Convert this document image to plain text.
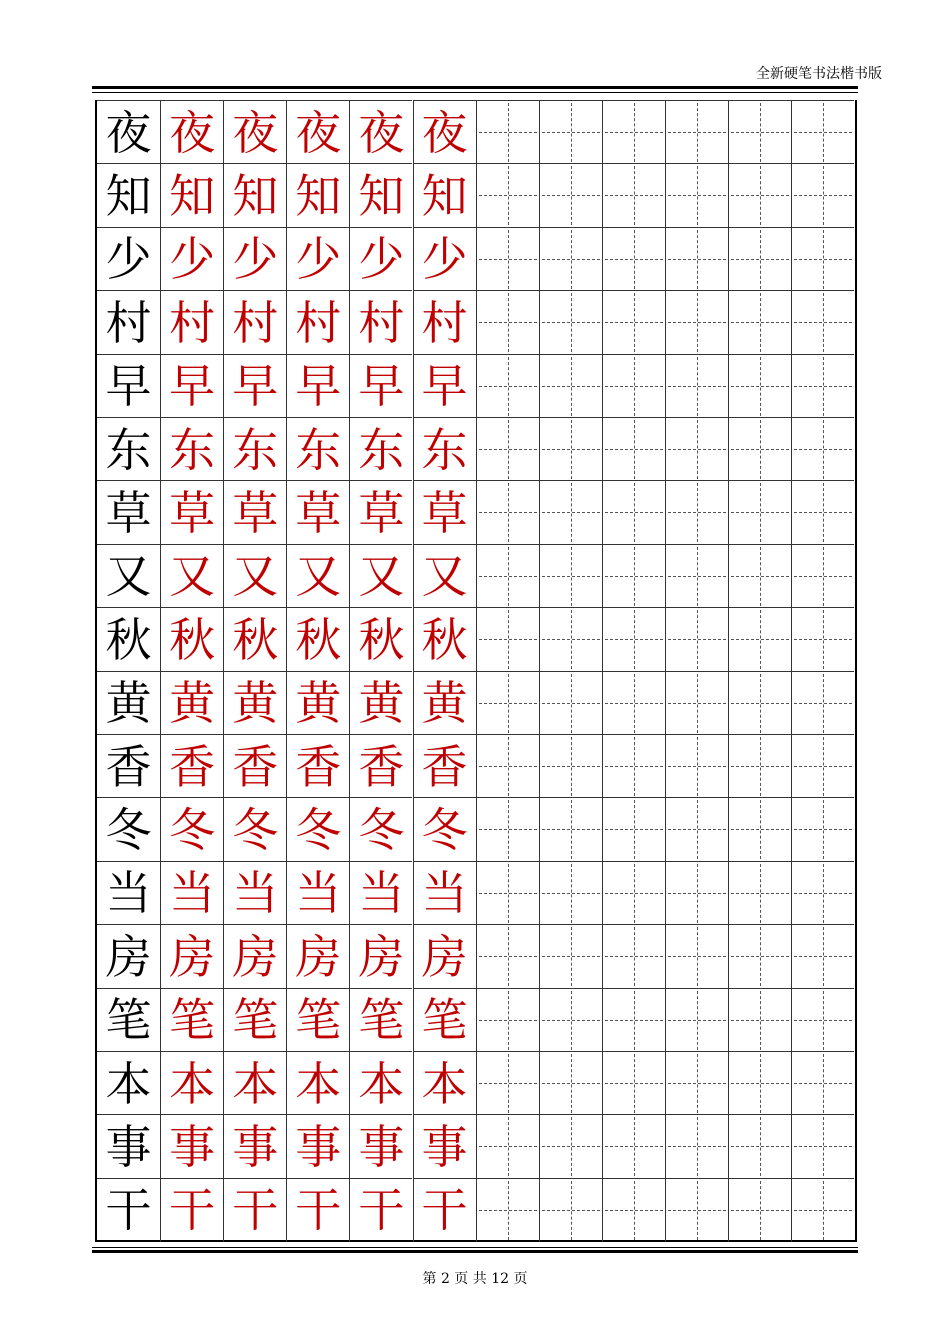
全新硬笔书法楷书版
夜 夜 夜 夜 夜 夜
知 知 知 知 知 知
少 少 少 少 少 少
村 村 村 村 村 村
早 早 早 早 早 早
东 东 东 东 东 东
草 草 草 草 草 草
又 又 又 又 又 又
秋 秋 秋 秋 秋 秋
黄 黄 黄 黄 黄 黄
香 香 香 香 香 香
冬 冬 冬 冬 冬 冬
当 当 当 当 当 当
房 房 房 房 房 房
笔 笔 笔 笔 笔 笔
本 本 本 本 本 本
事 事 事 事 事 事
干 干 干 干 干 干
第 2 页 共 12 页
